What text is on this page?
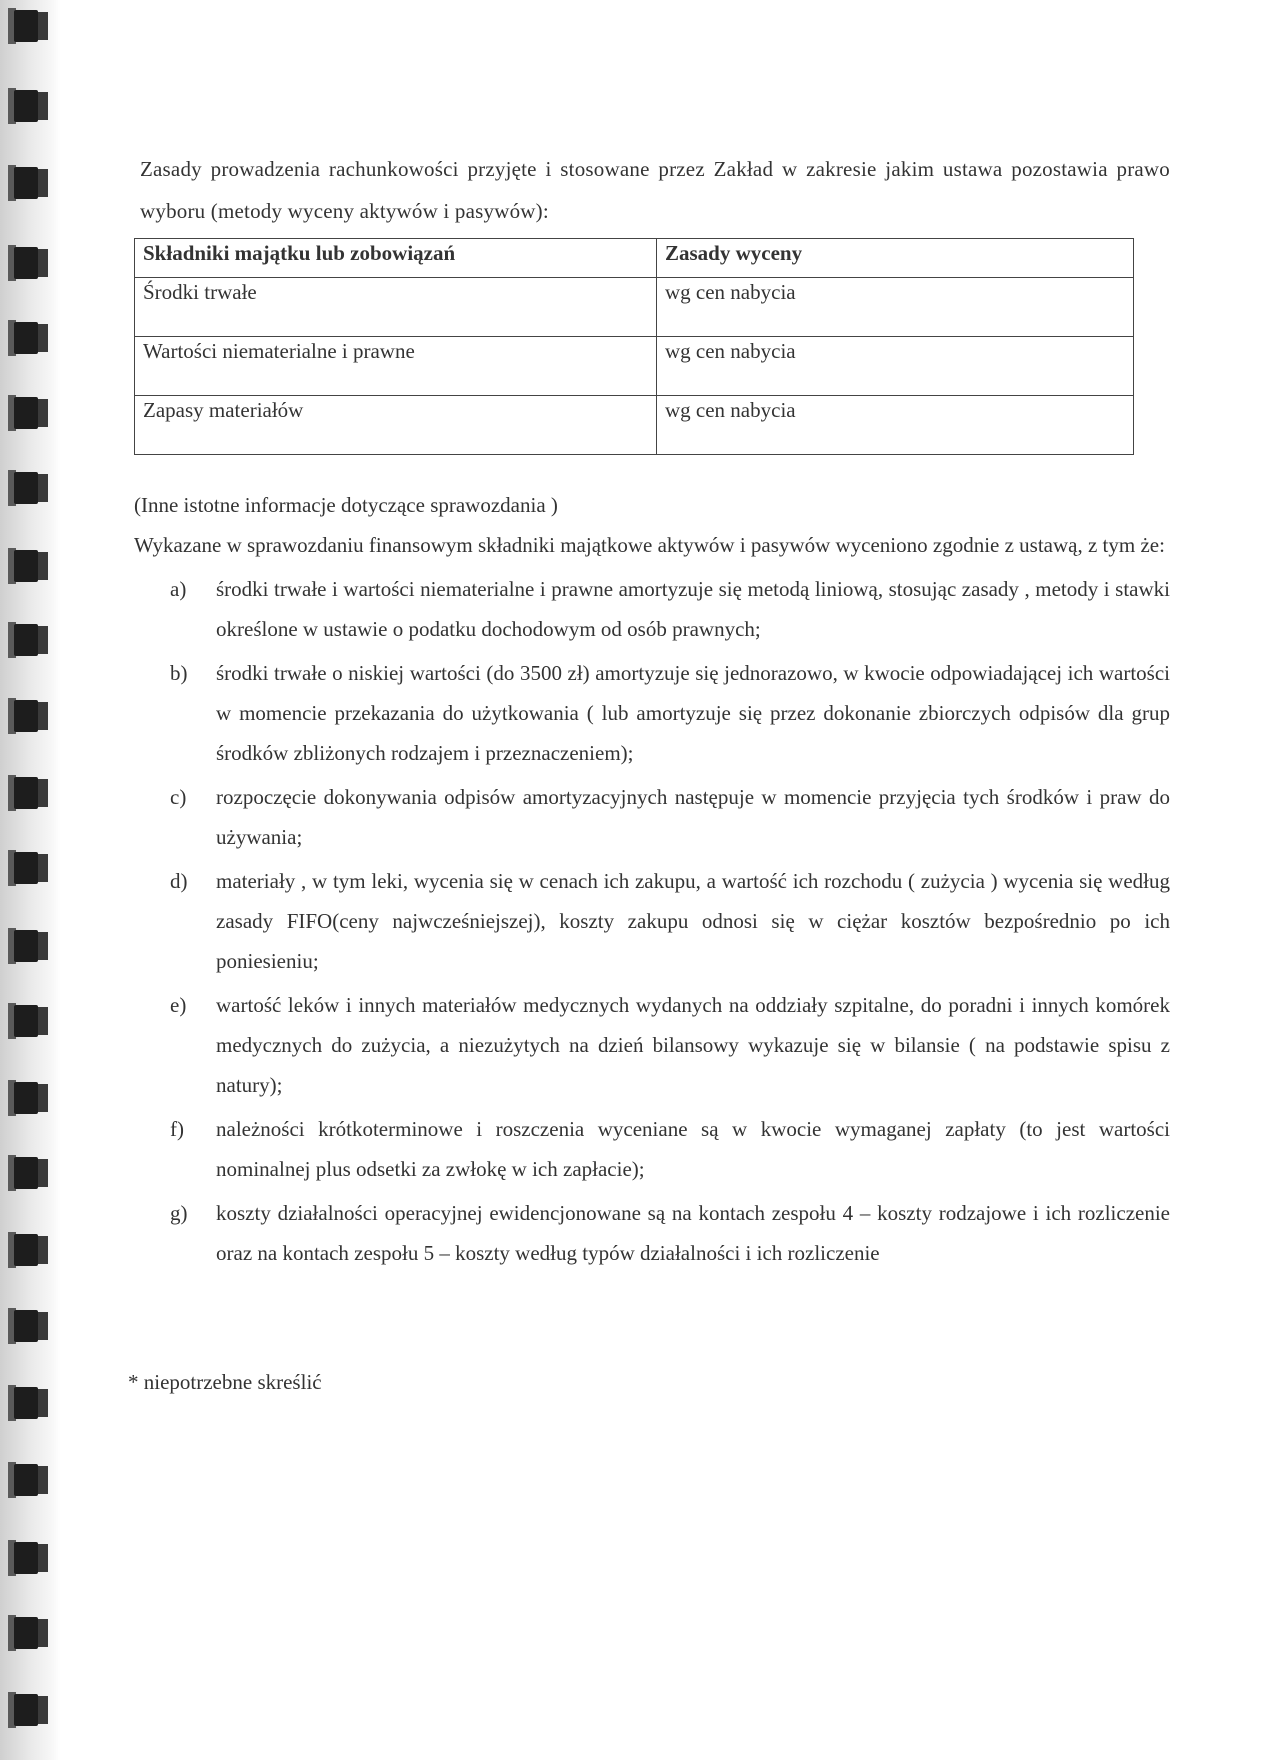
Zasady prowadzenia rachunkowości przyjęte i stosowane przez Zakład w zakresie jakim ustawa pozostawia prawo wyboru (metody wyceny aktywów i pasywów):

Składniki majątku lub zobowiązań	Zasady wyceny
Środki trwałe	wg cen nabycia
Wartości niematerialne i prawne	wg cen nabycia
Zapasy materiałów	wg cen nabycia
(Inne istotne informacje dotyczące sprawozdania )

Wykazane w sprawozdaniu finansowym składniki majątkowe aktywów i pasywów wyceniono zgodnie z ustawą, z tym że:

a)	środki trwałe i wartości niematerialne i prawne amortyzuje się metodą liniową, stosując zasady , metody i stawki określone w ustawie o podatku dochodowym od osób prawnych;
b)	środki trwałe o niskiej wartości (do 3500 zł) amortyzuje się jednorazowo, w kwocie odpowiadającej ich wartości w momencie przekazania do użytkowania ( lub amortyzuje się przez dokonanie zbiorczych odpisów dla grup środków zbliżonych rodzajem i przeznaczeniem);
c)	rozpoczęcie dokonywania odpisów amortyzacyjnych następuje w momencie przyjęcia tych środków i praw do używania;
d)	materiały , w tym leki, wycenia się w cenach ich zakupu, a wartość ich rozchodu ( zużycia ) wycenia się według zasady FIFO(ceny najwcześniejszej), koszty zakupu odnosi się w ciężar kosztów bezpośrednio po ich poniesieniu;
e)	wartość leków i innych materiałów medycznych wydanych na oddziały szpitalne, do poradni i innych komórek medycznych do zużycia, a niezużytych na dzień bilansowy wykazuje się w bilansie ( na podstawie spisu z natury);
f)	należności krótkoterminowe i roszczenia wyceniane są w kwocie wymaganej zapłaty (to jest wartości nominalnej plus odsetki za zwłokę w ich zapłacie);
g)	koszty działalności operacyjnej ewidencjonowane są na kontach zespołu 4 – koszty rodzajowe i ich rozliczenie oraz na kontach zespołu 5 – koszty według typów działalności i ich rozliczenie
* niepotrzebne skreślić
